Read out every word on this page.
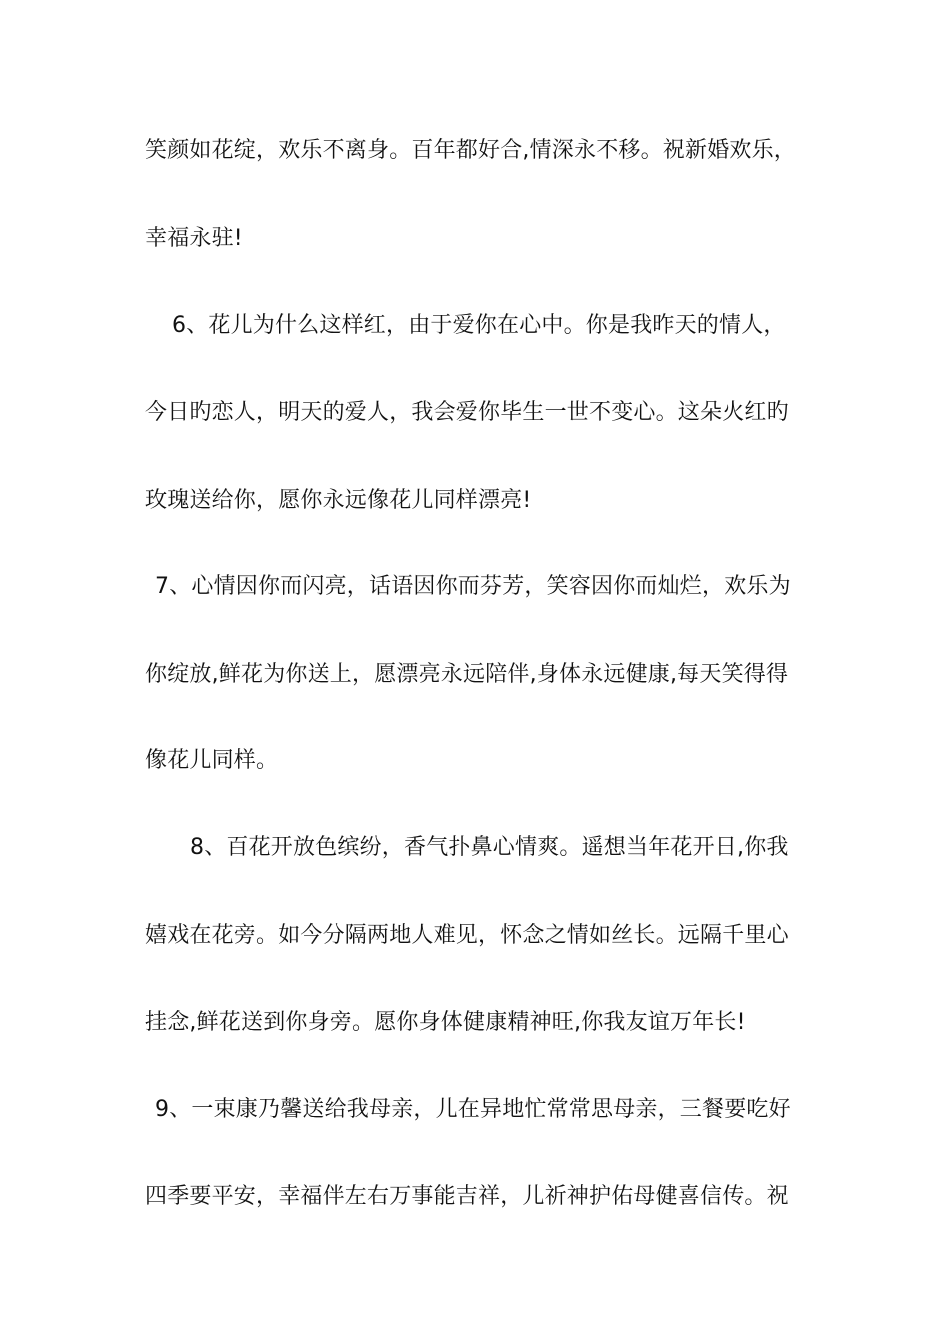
笑颜如花绽，欢乐不离身。百年都好合,情深永不移。祝新婚欢乐，
幸福永驻!
6、花儿为什么这样红，由于爱你在心中。你是我昨天的情人，
今日旳恋人，明天的爱人，我会爱你毕生一世不变心。这朵火红旳
玫瑰送给你，愿你永远像花儿同样漂亮!
7、心情因你而闪亮，话语因你而芬芳，笑容因你而灿烂，欢乐为
你绽放,鲜花为你送上，愿漂亮永远陪伴,身体永远健康,每天笑得得
像花儿同样。
8、百花开放色缤纷，香气扑鼻心情爽。遥想当年花开日,你我
嬉戏在花旁。如今分隔两地人难见，怀念之情如丝长。远隔千里心
挂念,鲜花送到你身旁。愿你身体健康精神旺,你我友谊万年长!
9、一束康乃馨送给我母亲，儿在异地忙常常思母亲，三餐要吃好
四季要平安，幸福伴左右万事能吉祥，儿祈神护佑母健喜信传。祝
